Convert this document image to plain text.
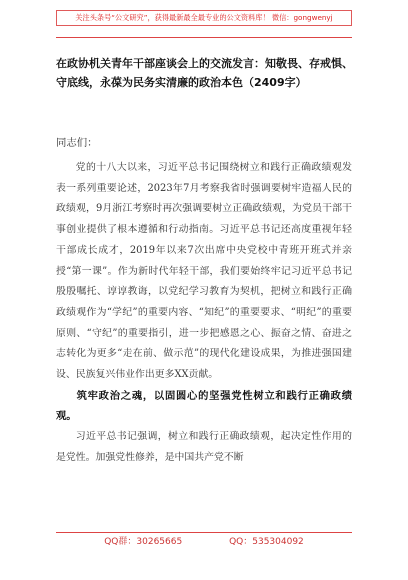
关注头条号“公文研究”，获得最新最全最专业的公文资料库！ 微信：gongwenyj
在政协机关青年干部座谈会上的交流发言：知敬畏、存戒惧、守底线，永葆为民务实清廉的政治本色（2409字）
同志们：

党的十八大以来，习近平总书记围绕树立和践行正确政绩观发表一系列重要论述，2023年7月考察我省时强调要树牢造福人民的政绩观，9月浙江考察时再次强调要树立正确政绩观，为党员干部干事创业提供了根本遵循和行动指南。习近平总书记还高度重视年轻干部成长成才，2019年以来7次出席中央党校中青班开班式并亲授“第一课”。作为新时代年轻干部，我们要始终牢记习近平总书记殷殷嘱托、谆谆教诲，以党纪学习教育为契机，把树立和践行正确政绩观作为“学纪”的重要内容、“知纪”的重要要求、“明纪”的重要原则、“守纪”的重要指引，进一步把感恩之心、振奋之情、奋进之志转化为更多“走在前、做示范”的现代化建设成果，为推进强国建设、民族复兴伟业作出更多XX贡献。

筑牢政治之魂，以固圆心的坚强党性树立和践行正确政绩观。

习近平总书记强调，树立和践行正确政绩观，起决定性作用的是党性。加强党性修养，是中国共产党不断

QQ群：30265665	QQ：535304092
